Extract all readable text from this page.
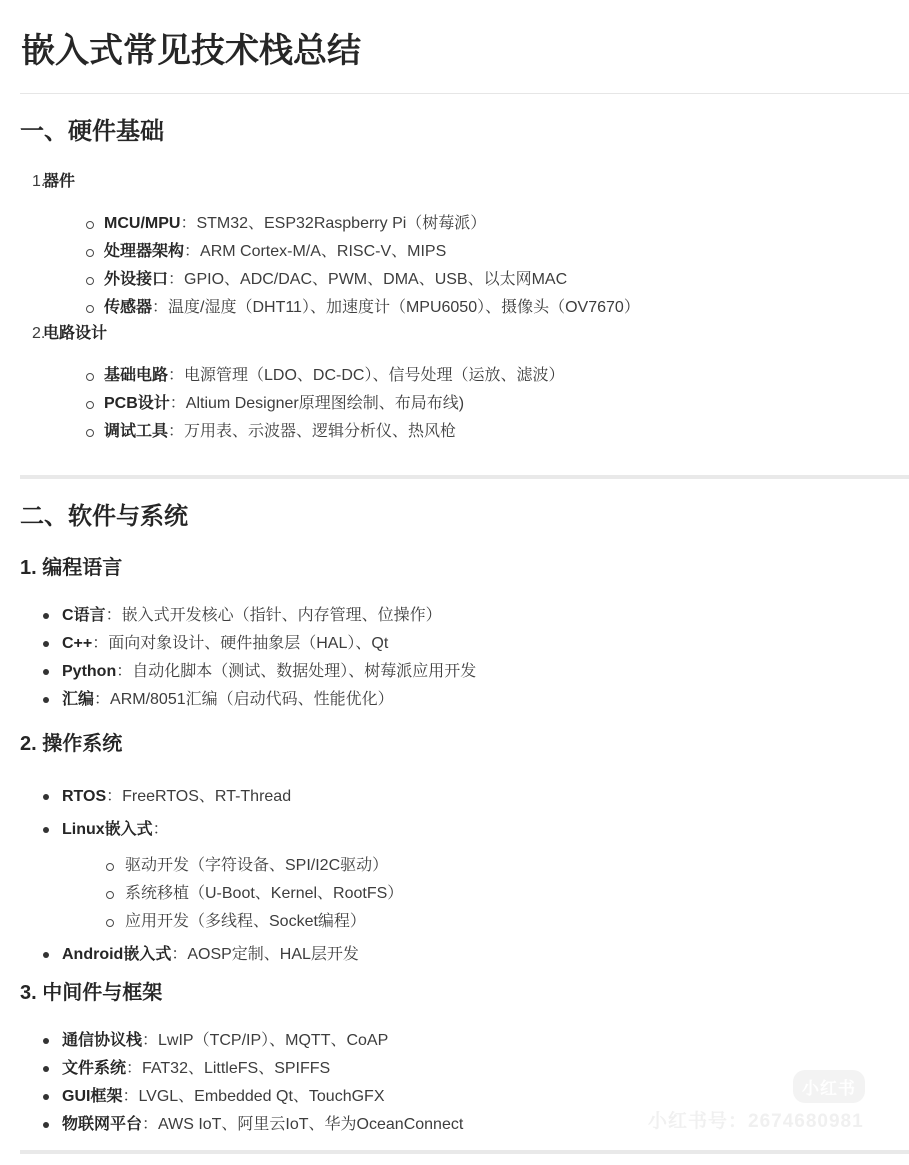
嵌入式常见技术栈总结
一、硬件基础
1.
器件
MCU/MPU：STM32、ESP32Raspberry Pi（树莓派）
处理器架构：ARM Cortex-M/A、RISC-V、MIPS
外设接口：GPIO、ADC/DAC、PWM、DMA、USB、以太网MAC
传感器：温度/湿度（DHT11）、加速度计（MPU6050）、摄像头（OV7670）
2.
电路设计
基础电路：电源管理（LDO、DC-DC）、信号处理（运放、滤波）
PCB设计：Altium Designer原理图绘制、布局布线)
调试工具：万用表、示波器、逻辑分析仪、热风枪
二、软件与系统
1. 编程语言
C语言：嵌入式开发核心（指针、内存管理、位操作）
C++：面向对象设计、硬件抽象层（HAL）、Qt
Python：自动化脚本（测试、数据处理）、树莓派应用开发
汇编：ARM/8051汇编（启动代码、性能优化）
2. 操作系统
RTOS：FreeRTOS、RT-Thread
Linux嵌入式：
驱动开发（字符设备、SPI/I2C驱动）
系统移植（U-Boot、Kernel、RootFS）
应用开发（多线程、Socket编程）
Android嵌入式：AOSP定制、HAL层开发
3. 中间件与框架
通信协议栈：LwIP（TCP/IP）、MQTT、CoAP
文件系统：FAT32、LittleFS、SPIFFS
GUI框架：LVGL、Embedded Qt、TouchGFX
物联网平台：AWS IoT、阿里云IoT、华为OceanConnect
小红书
小红书号：2674680981
